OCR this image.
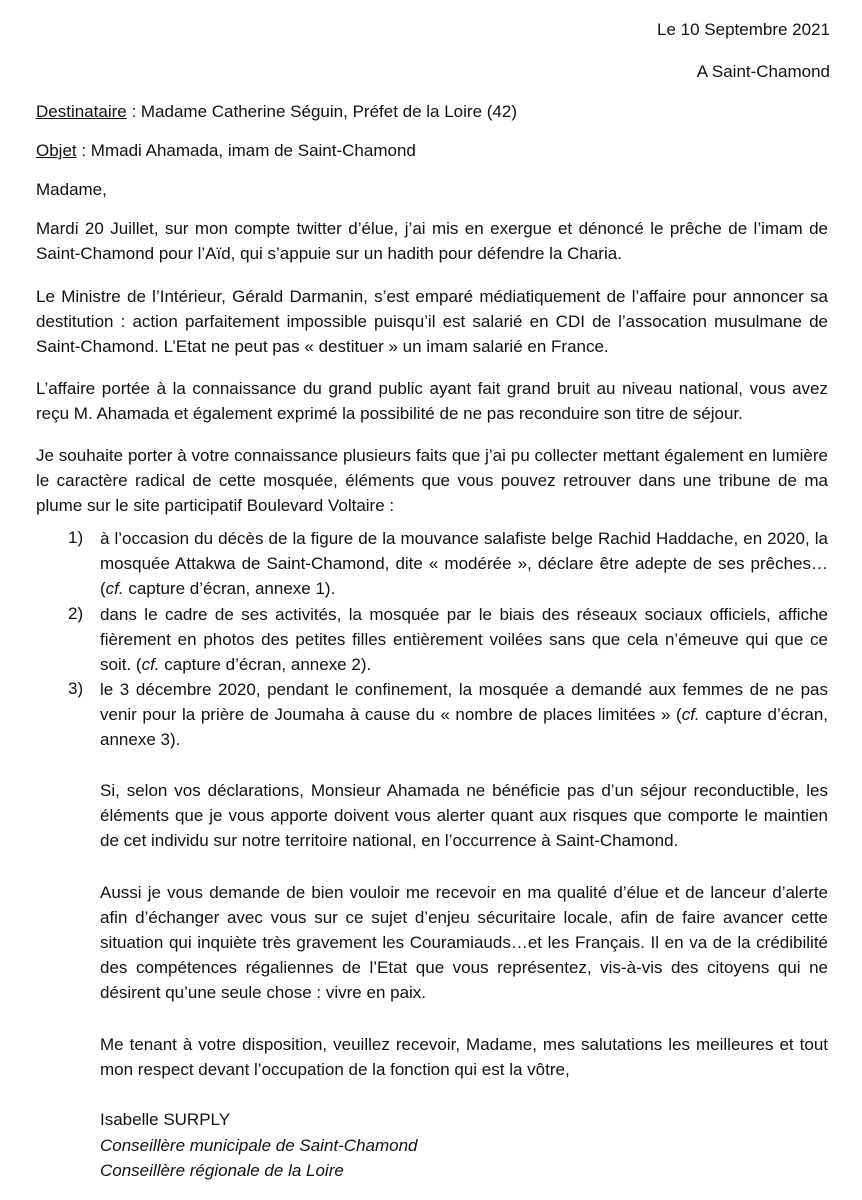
Le 10 Septembre 2021
A Saint-Chamond
Destinataire : Madame Catherine Séguin, Préfet de la Loire (42)
Objet : Mmadi Ahamada, imam de Saint-Chamond
Madame,

Mardi 20 Juillet, sur mon compte twitter d’élue, j’ai mis en exergue et dénoncé le prêche de l’imam de Saint-Chamond pour l’Aïd, qui s’appuie sur un hadith pour défendre la Charia.

Le Ministre de l’Intérieur, Gérald Darmanin, s’est emparé médiatiquement de l’affaire pour annoncer sa destitution : action parfaitement impossible puisqu’il est salarié en CDI de l’assocation musulmane de Saint-Chamond. L’Etat ne peut pas « destituer » un imam salarié en France.

L’affaire portée à la connaissance du grand public ayant fait grand bruit au niveau national, vous avez reçu M. Ahamada et également exprimé la possibilité de ne pas reconduire son titre de séjour.

Je souhaite porter à votre connaissance plusieurs faits que j’ai pu collecter mettant également en lumière le caractère radical de cette mosquée, éléments que vous pouvez retrouver dans une tribune de ma plume sur le site participatif Boulevard Voltaire :

1) à l’occasion du décès de la figure de la mouvance salafiste belge Rachid Haddache, en 2020, la mosquée Attakwa de Saint-Chamond, dite « modérée », déclare être adepte de ses prêches… (cf. capture d’écran, annexe 1).

2) dans le cadre de ses activités, la mosquée par le biais des réseaux sociaux officiels, affiche fièrement en photos des petites filles entièrement voilées sans que cela n’émeuve qui que ce soit. (cf. capture d’écran, annexe 2).

3) le 3 décembre 2020, pendant le confinement, la mosquée a demandé aux femmes de ne pas venir pour la prière de Joumaha à cause du « nombre de places limitées » (cf. capture d’écran, annexe 3).

Si, selon vos déclarations, Monsieur Ahamada ne bénéficie pas d’un séjour reconductible, les éléments que je vous apporte doivent vous alerter quant aux risques que comporte le maintien de cet individu sur notre territoire national, en l’occurrence à Saint-Chamond.

Aussi je vous demande de bien vouloir me recevoir en ma qualité d’élue et de lanceur d’alerte afin d’échanger avec vous sur ce sujet d’enjeu sécuritaire locale, afin de faire avancer cette situation qui inquiète très gravement les Couramiauds…et les Français. Il en va de la crédibilité des compétences régaliennes de l’Etat que vous représentez, vis-à-vis des citoyens qui ne désirent qu’une seule chose : vivre en paix.

Me tenant à votre disposition, veuillez recevoir, Madame, mes salutations les meilleures et tout mon respect devant l’occupation de la fonction qui est la vôtre,

Isabelle SURPLY
Conseillère municipale de Saint-Chamond
Conseillère régionale de la Loire
